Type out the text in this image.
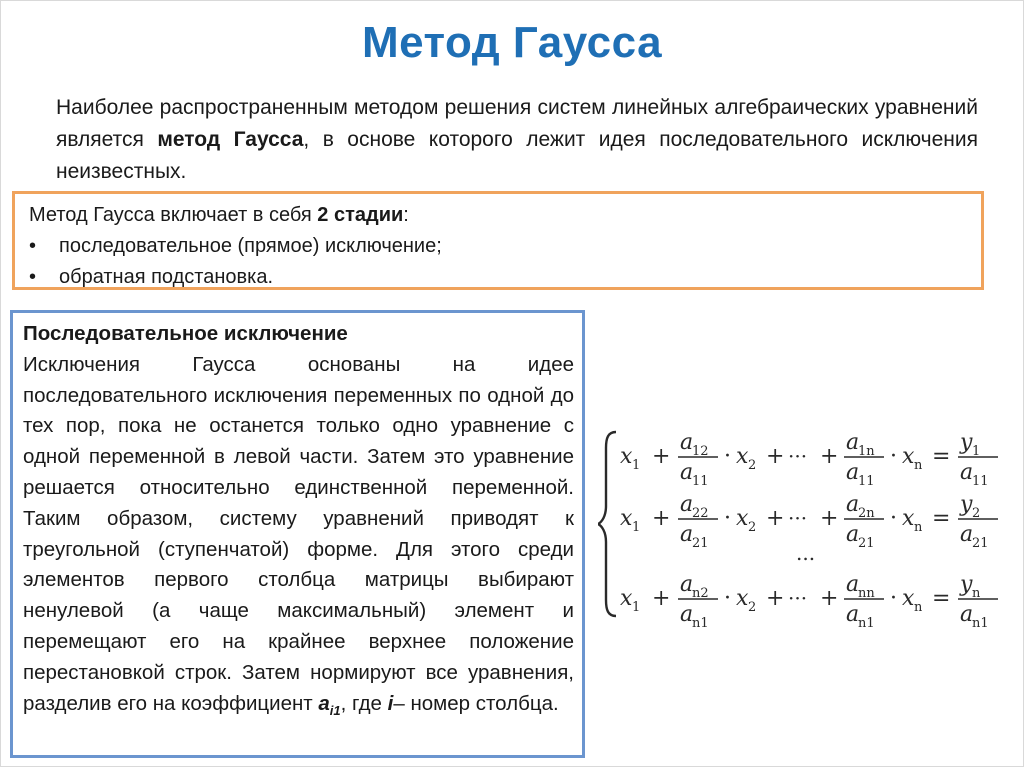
Метод Гаусса

Наиболее распространенным методом решения систем линейных алгебраических уравнений является метод Гаусса, в основе которого лежит идея последовательного исключения неизвестных.

Метод Гаусса включает в себя 2 стадии:
• последовательное (прямое) исключение;
• обратная подстановка.
Последовательное исключение
Исключения Гаусса основаны на идее последовательного исключения переменных по одной до тех пор, пока не останется только одно уравнение с одной переменной в левой части. Затем это уравнение решается относительно единственной переменной. Таким образом, систему уравнений приводят к треугольной (ступенчатой) форме. Для этого среди элементов первого столбца матрицы выбирают ненулевой (а чаще максимальный) элемент и перемещают его на крайнее верхнее положение перестановкой строк. Затем нормируют все уравнения, разделив его на коэффициент $a_{i1}$, где i– номер столбца.
x 1 +
a
12
a
11
· x 2 + ··· +
a
1n
a
11
· x n =
y 1
a
11
x 1 +
a
22
a
21
· x 2 + ··· +
a
2n
a
21
· x n =
y 2
a
21
x 1 +
a
n2
a
n1
· x 2 + ··· +
a
nn
a
n1
· x n =
y n
a
n1
...
